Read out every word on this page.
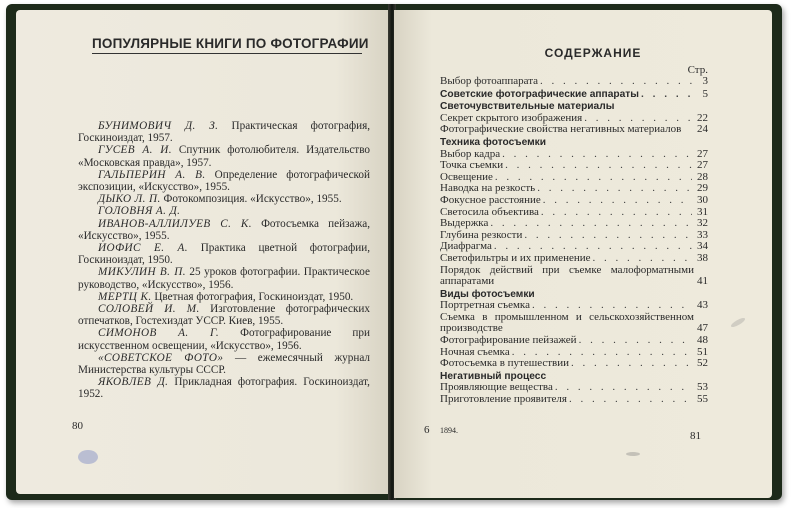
ПОПУЛЯРНЫЕ КНИГИ ПО ФОТОГРАФИИ

БУНИМОВИЧ Д. З. Практическая фотография, Госкиноиздат, 1957.

ГУСЕВ А. И. Спутник фотолюбителя. Издательство «Московская правда», 1957.

ГАЛЬПЕРИН А. В. Определение фотографической экспозиции, «Искусство», 1955.

ДЫКО Л. П. Фотокомпозиция. «Искусство», 1955.

ГОЛОВНЯ А. Д.

ИВАНОВ-АЛЛИЛУЕВ С. К. Фотосъемка пейзажа, «Искусство», 1955.

ИОФИС Е. А. Практика цветной фотографии, Госкиноиздат, 1950.

МИКУЛИН В. П. 25 уроков фотографии. Практическое руководство, «Искусство», 1956.

МЕРТЦ К. Цветная фотография, Госкиноиздат, 1950.

СОЛОВЕЙ И. М. Изготовление фотографических отпечатков, Гостехиздат УССР. Киев, 1955.

СИМОНОВ А. Г. Фотографирование при искусственном освещении, «Искусство», 1956.

«СОВЕТСКОЕ ФОТО» — ежемесячный журнал Министерства культуры СССР.

ЯКОВЛЕВ Д. Прикладная фотография. Госкиноиздат, 1952.

80
СОДЕРЖАНИЕ
Стр.
Выбор фотоаппарата . . .	3
Советские фотографические аппараты . . .	5
Светочувствительные материалы
Секрет скрытого изображения . . .	22
Фотографические свойства негативных материалов	24
Техника фотосъемки
Выбор кадра . . .	27
Точка съемки . . .	27
Освещение . . .	28
Наводка на резкость . . .	29
Фокусное расстояние . . .	30
Светосила объектива . . .	31
Выдержка . . .	32
Глубина резкости . . .	33
Диафрагма . . .	34
Светофильтры и их применение . . .	38
Порядок действий при съемке малоформатными аппаратами	41
Виды фотосъемки
Портретная съемка . . .	43
Съемка в промышленном и сельскохозяйственном производстве	47
Фотографирование пейзажей . . .	48
Ночная съемка . . .	51
Фотосъемка в путешествии . . .	52
Негативный процесс
Проявляющие вещества . . .	53
Приготовление проявителя . . .	55
6 1894.	81
